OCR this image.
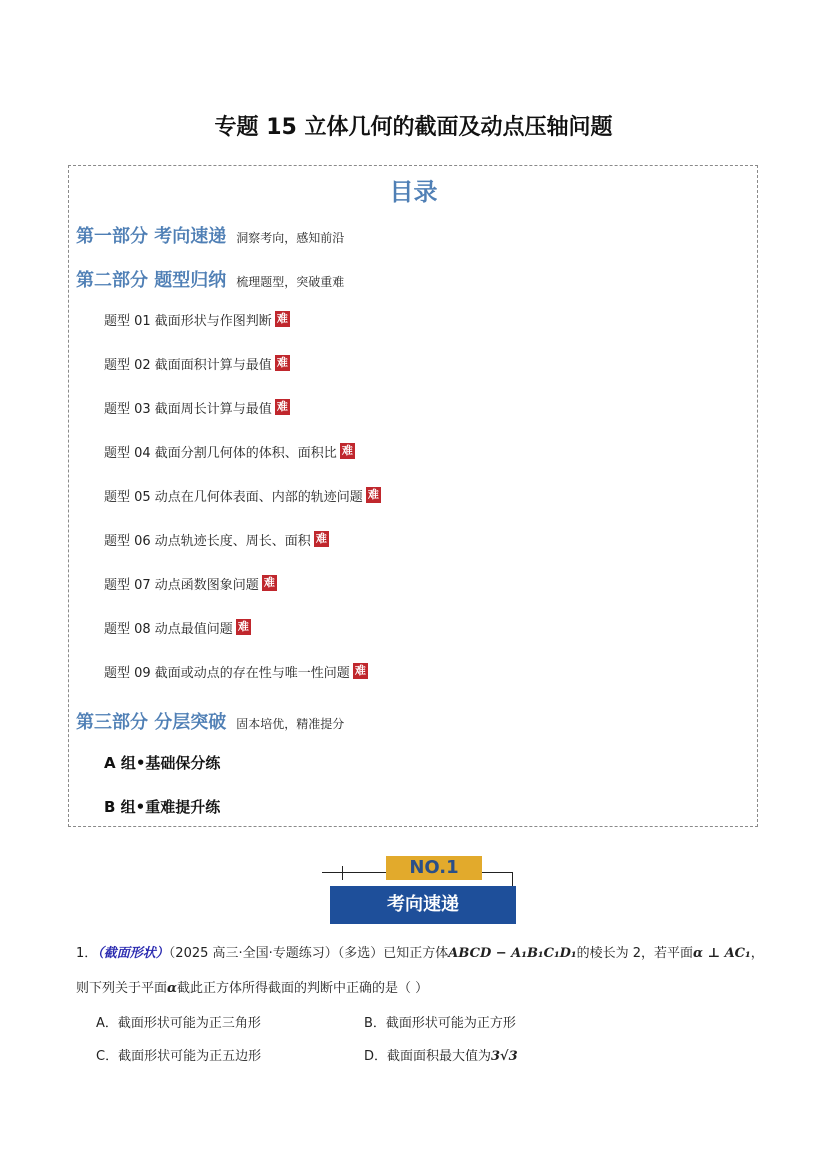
专题 15 立体几何的截面及动点压轴问题
目录
第一部分 考向速递 洞察考向，感知前沿
第二部分 题型归纳 梳理题型，突破重难
题型 01 截面形状与作图判断 难
题型 02 截面面积计算与最值 难
题型 03 截面周长计算与最值 难
题型 04 截面分割几何体的体积、面积比 难
题型 05 动点在几何体表面、内部的轨迹问题 难
题型 06 动点轨迹长度、周长、面积 难
题型 07 动点函数图象问题 难
题型 08 动点最值问题 难
题型 09 截面或动点的存在性与唯一性问题 难
第三部分 分层突破 固本培优，精准提分
A 组•基础保分练
B 组•重难提升练
NO.1
考向速递
1．（截面形状）（2025 高三·全国·专题练习）（多选）已知正方体ABCD − A₁B₁C₁D₁的棱长为 2，若平面α ⊥ AC₁，
则下列关于平面α截此正方体所得截面的判断中正确的是（ ）
A．截面形状可能为正三角形	B．截面形状可能为正方形
C．截面形状可能为正五边形	D．截面面积最大值为3√3
